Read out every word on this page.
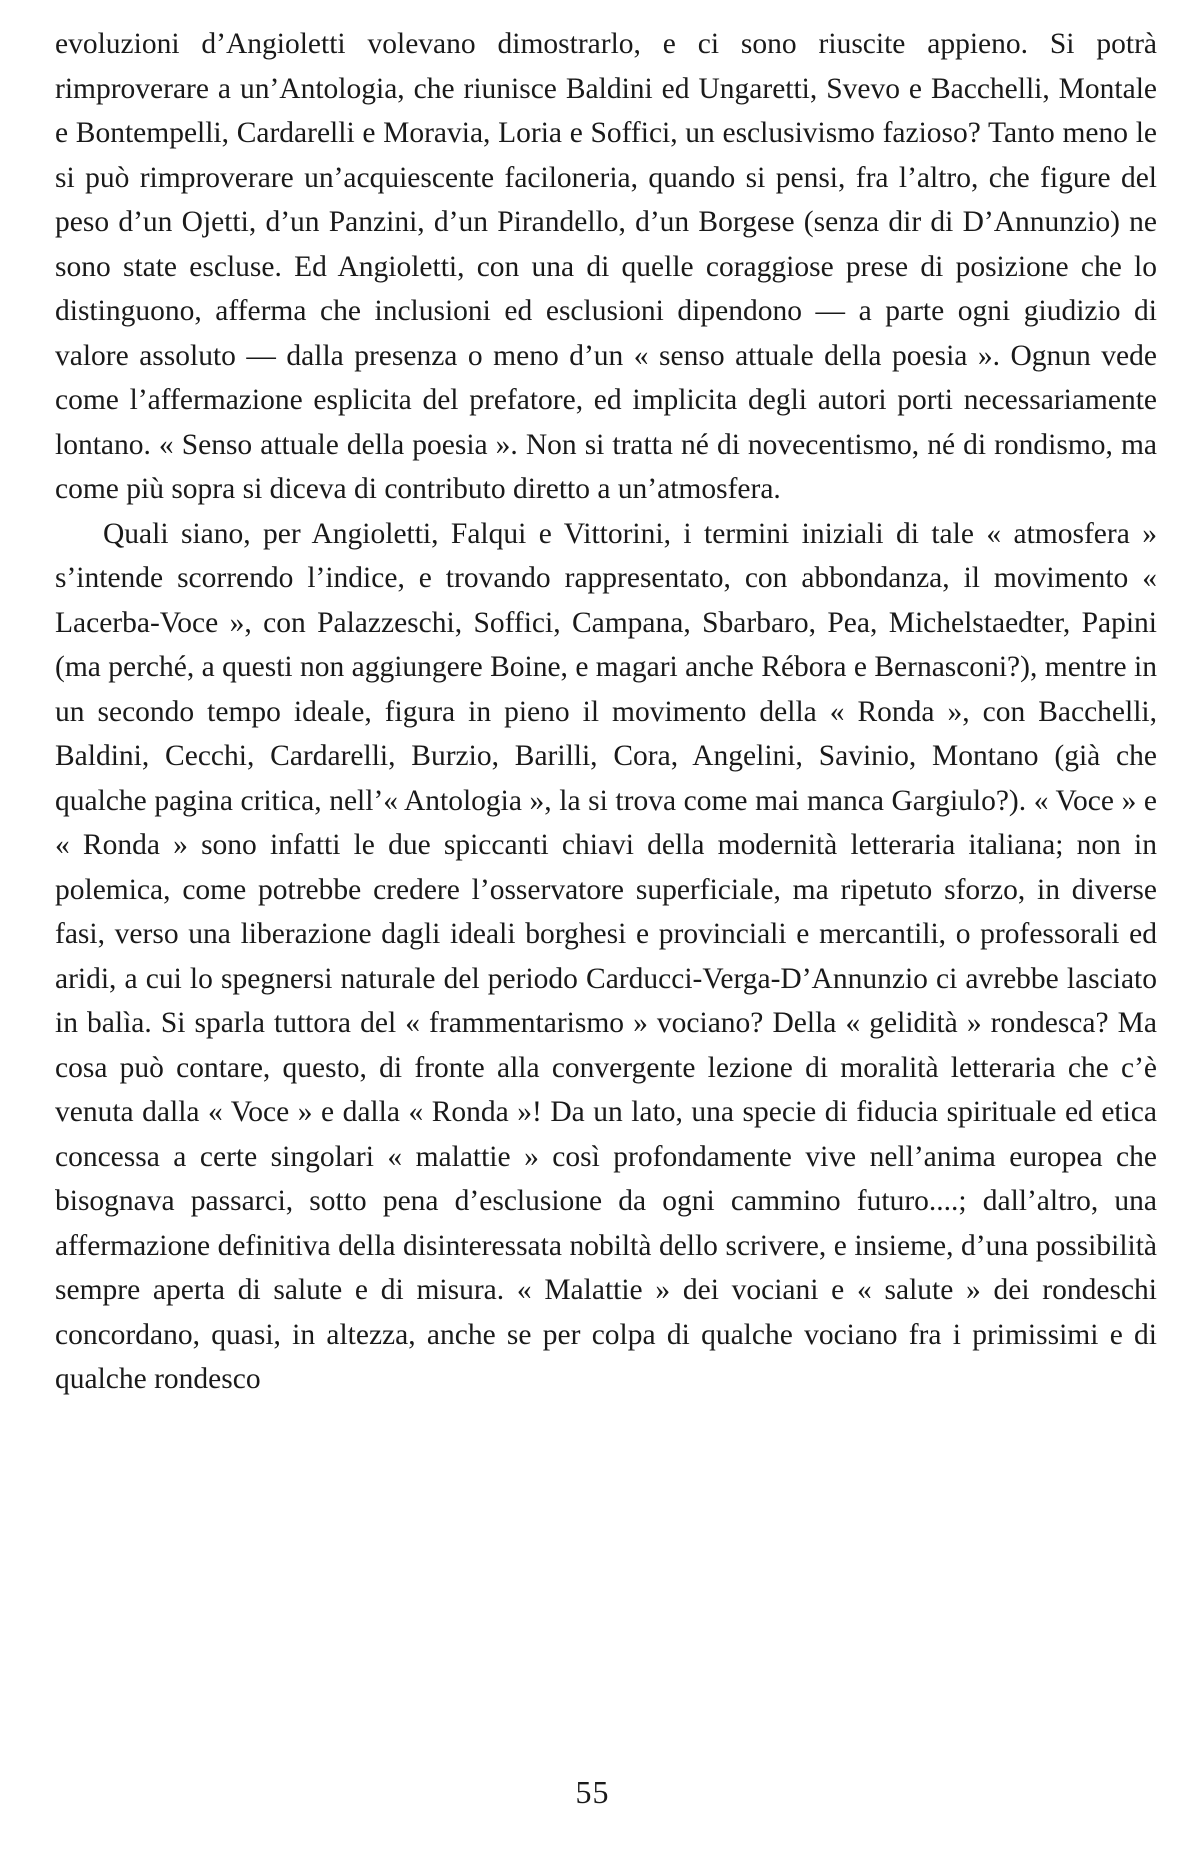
evoluzioni d’Angioletti volevano dimostrarlo, e ci sono riuscite appieno. Si potrà rimproverare a un’Antologia, che riunisce Baldini ed Ungaretti, Svevo e Bacchelli, Montale e Bontempelli, Cardarelli e Moravia, Loria e Soffici, un esclusivismo fazioso? Tanto meno le si può rimproverare un’acquiescente faciloneria, quando si pensi, fra l’altro, che figure del peso d’un Ojetti, d’un Panzini, d’un Pirandello, d’un Borgese (senza dir di D’Annunzio) ne sono state escluse. Ed Angioletti, con una di quelle coraggiose prese di posizione che lo distinguono, afferma che inclusioni ed esclusioni dipendono — a parte ogni giudizio di valore assoluto — dalla presenza o meno d’un « senso attuale della poesia ». Ognun vede come l’affermazione esplicita del prefatore, ed implicita degli autori porti necessariamente lontano. « Senso attuale della poesia ». Non si tratta né di novecentismo, né di rondismo, ma come più sopra si diceva di contributo diretto a un’atmosfera.

Quali siano, per Angioletti, Falqui e Vittorini, i termini iniziali di tale « atmosfera » s’intende scorrendo l’indice, e trovando rappresentato, con abbondanza, il movimento « Lacerba-Voce », con Palazzeschi, Soffici, Campana, Sbarbaro, Pea, Michelstaedter, Papini (ma perché, a questi non aggiungere Boine, e magari anche Rébora e Bernasconi?), mentre in un secondo tempo ideale, figura in pieno il movimento della « Ronda », con Bacchelli, Baldini, Cecchi, Cardarelli, Burzio, Barilli, Cora, Angelini, Savinio, Montano (già che qualche pagina critica, nell’« Antologia », la si trova come mai manca Gargiulo?). « Voce » e « Ronda » sono infatti le due spiccanti chiavi della modernità letteraria italiana; non in polemica, come potrebbe credere l’osservatore superficiale, ma ripetuto sforzo, in diverse fasi, verso una liberazione dagli ideali borghesi e provinciali e mercantili, o professorali ed aridi, a cui lo spegnersi naturale del periodo Carducci-Verga-D’Annunzio ci avrebbe lasciato in balìa. Si sparla tuttora del « frammentarismo » vociano? Della « gelidità » rondesca? Ma cosa può contare, questo, di fronte alla convergente lezione di moralità letteraria che c’è venuta dalla « Voce » e dalla « Ronda »! Da un lato, una specie di fiducia spirituale ed etica concessa a certe singolari « malattie » così profondamente vive nell’anima europea che bisognava passarci, sotto pena d’esclusione da ogni cammino futuro....; dall’altro, una affermazione definitiva della disinteressata nobiltà dello scrivere, e insieme, d’una possibilità sempre aperta di salute e di misura. « Malattie » dei vociani e « salute » dei rondeschi concordano, quasi, in altezza, anche se per colpa di qualche vociano fra i primissimi e di qualche rondesco

55
